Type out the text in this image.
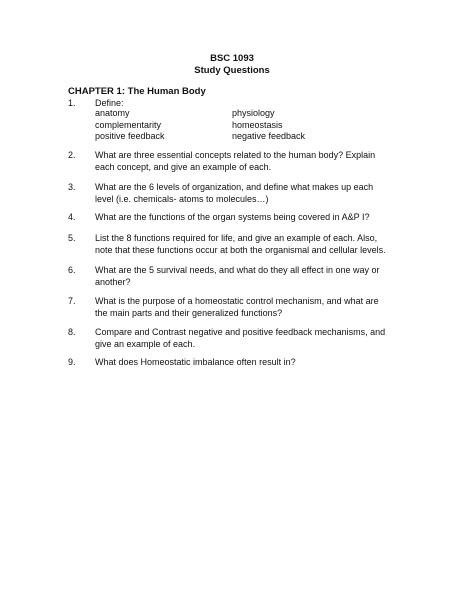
BSC 1093
Study Questions
CHAPTER 1: The Human Body
1.	Define:
anatomy	physiology
complementarity	homeostasis
positive feedback	negative feedback
2.	What are three essential concepts related to the human body? Explain
each concept, and give an example of each.
3.	What are the 6 levels of organization, and define what makes up each
level (i.e. chemicals- atoms to molecules…)
4.	What are the functions of the organ systems being covered in A&P I?
5.	List the 8 functions required for life, and give an example of each. Also,
note that these functions occur at both the organismal and cellular levels.
6.	What are the 5 survival needs, and what do they all effect in one way or
another?
7.	What is the purpose of a homeostatic control mechanism, and what are
the main parts and their generalized functions?
8.	Compare and Contrast negative and positive feedback mechanisms, and
give an example of each.
9.	What does Homeostatic imbalance often result in?
